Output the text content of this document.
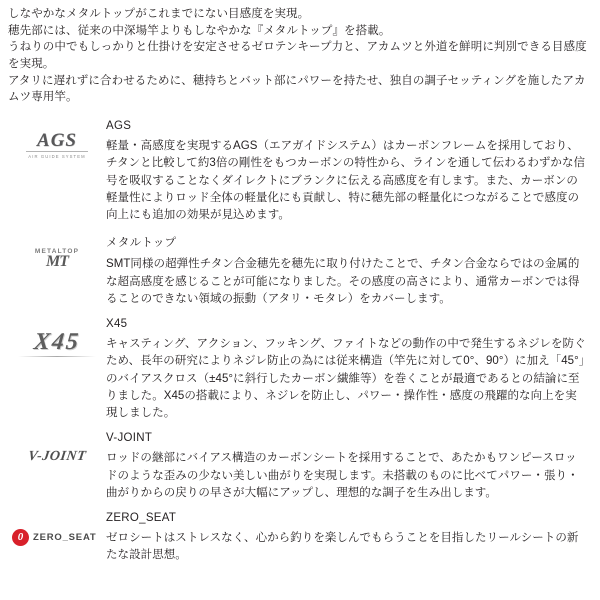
しなやかなメタルトップがこれまでにない目感度を実現。

穂先部には、従来の中深場竿よりもしなやかな『メタルトップ』を搭載。

うねりの中でもしっかりと仕掛けを安定させるゼロテンキープ力と、アカムツと外道を鮮明に判別できる目感度を実現。

アタリに遅れずに合わせるために、穂持ちとバット部にパワーを持たせ、独自の調子セッティングを施したアカムツ専用竿。

AGS
AIR GUIDE SYSTEM
AGS

軽量・高感度を実現するAGS（エアガイドシステム）はカーボンフレームを採用しており、チタンと比較して約3倍の剛性をもつカーボンの特性から、ラインを通して伝わるわずかな信号を吸収することなくダイレクトにブランクに伝える高感度を有します。また、カーボンの軽量性によりロッド全体の軽量化にも貢献し、特に穂先部の軽量化につながることで感度の向上にも追加の効果が見込めます。

METALTOP
MT
メタルトップ

SMT同様の超弾性チタン合金穂先を穂先に取り付けたことで、チタン合金ならではの金属的な超高感度を感じることが可能になりました。その感度の高さにより、通常カーボンでは得ることのできない領域の振動（アタリ・モタレ）をカバーします。

X45
X45

キャスティング、アクション、フッキング、ファイトなどの動作の中で発生するネジレを防ぐため、長年の研究によりネジレ防止の為には従来構造（竿先に対して0°、90°）に加え「45°」のバイアスクロス（±45°に斜行したカーボン繊維等）を巻くことが最適であるとの結論に至りました。X45の搭載により、ネジレを防止し、パワー・操作性・感度の飛躍的な向上を実現しました。

V-JOINT
V-JOINT

ロッドの継部にバイアス構造のカーボンシートを採用することで、あたかもワンピースロッドのような歪みの少ない美しい曲がりを実現します。未搭載のものに比べてパワー・張り・曲がりからの戻りの早さが大幅にアップし、理想的な調子を生み出します。

0	ZERO_SEAT
ZERO_SEAT

ゼロシートはストレスなく、心から釣りを楽しんでもらうことを目指したリールシートの新たな設計思想。
